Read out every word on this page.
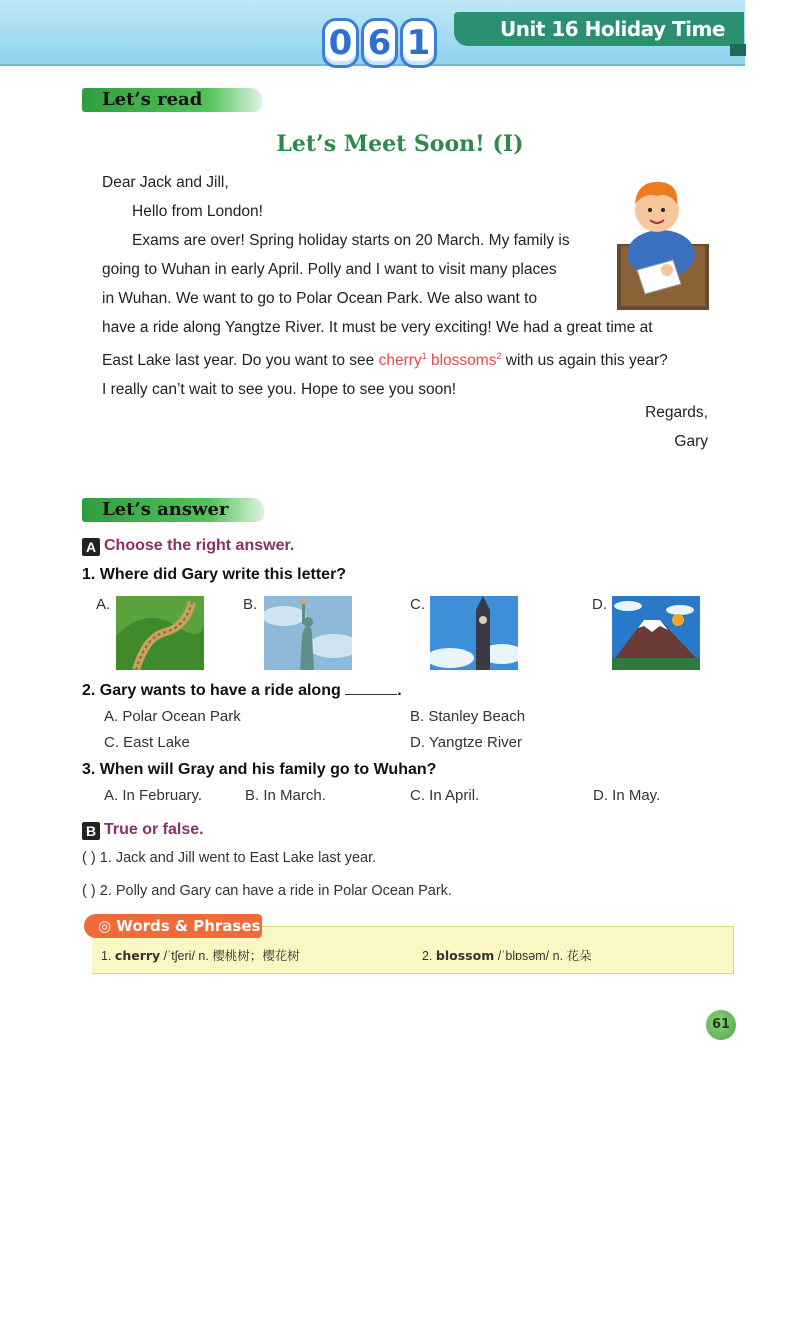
0 6 1	Unit 16 Holiday Time
Let’s read
Let’s Meet Soon! (I)

Dear Jack and Jill,

Hello from London!

Exams are over! Spring holiday starts on 20 March. My family is

going to Wuhan in early April. Polly and I want to visit many places

in Wuhan. We want to go to Polar Ocean Park. We also want to

have a ride along Yangtze River. It must be very exciting! We had a great time at

East Lake last year. Do you want to see cherry$^1$ blossoms$^2$ with us again this year?

I really can’t wait to see you. Hope to see you soon!

Regards,
Gary
Let’s answer
A Choose the right answer.
1. Where did Gary write this letter?
A.	B.	C.	D.
2. Gary wants to have a ride along	.
A. Polar Ocean Park	B. Stanley Beach
C. East Lake	D. Yangtze River
3. When will Gray and his family go to Wuhan?
A. In February.	B. In March.	C. In April.	D. In May.
B True or false.
( ) 1. Jack and Jill went to East Lake last year.
( ) 2. Polly and Gary can have a ride in Polar Ocean Park.
◎ Words & Phrases
1. cherry /ˈtʃeri/ n. 樱桃树；樱花树	2. blossom /ˈblɒsəm/ n. 花朵
61
